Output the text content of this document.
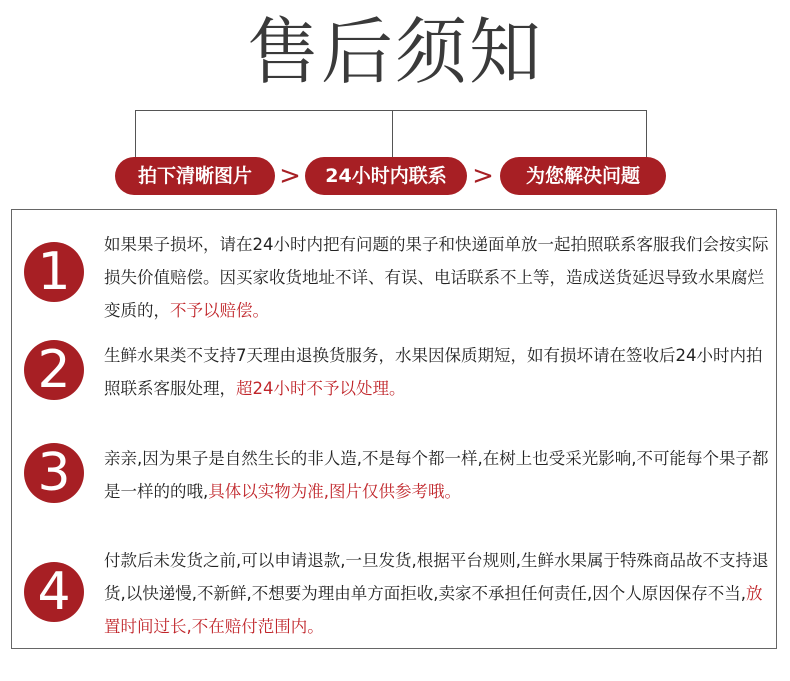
售后须知
拍下清晰图片	>	24小时内联系 >	为您解决问题
1	如果果子损坏，请在24小时内把有问题的果子和快递面单放一起拍照联系客服我们会按实际损失价值赔偿。因买家收货地址不详、有误、电话联系不上等，造成送货延迟导致水果腐烂变质的，不予以赔偿。
2	生鲜水果类不支持7天理由退换货服务，水果因保质期短，如有损坏请在签收后24小时内拍照联系客服处理，超24小时不予以处理。
3	亲亲,因为果子是自然生长的非人造,不是每个都一样,在树上也受采光影响,不可能每个果子都是一样的的哦,具体以实物为准,图片仅供参考哦。
4
付款后未发货之前,可以申请退款,一旦发货,根据平台规则,生鲜水果属于特殊商品故不支持退货,以快递慢,不新鲜,不想要为理由单方面拒收,卖家不承担任何责任,因个人原因保存不当,放置时间过长,不在赔付范围内。
